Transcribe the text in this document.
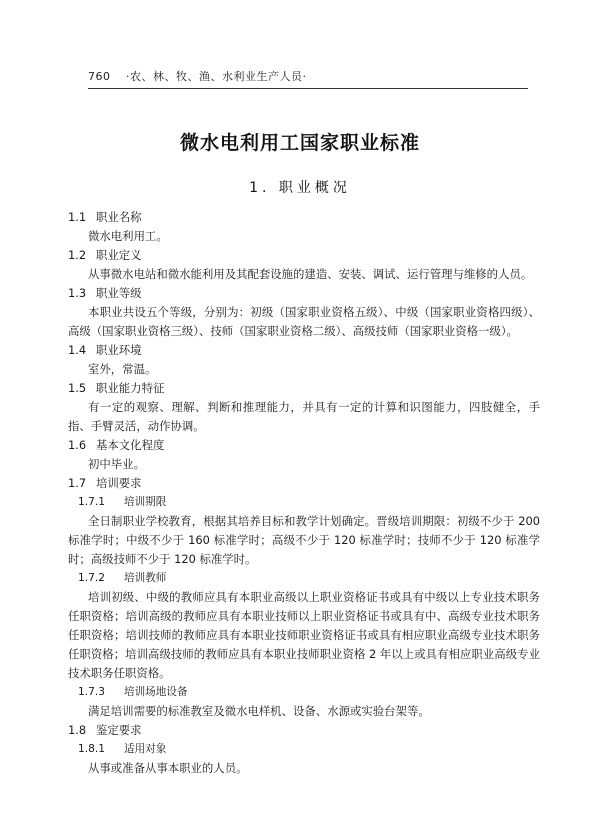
760 ·农、林、牧、渔、水利业生产人员·
微水电利用工国家职业标准
1. 职业概况
1.1 职业名称
微水电利用工。
1.2 职业定义
从事微水电站和微水能利用及其配套设施的建造、安装、调试、运行管理与维修的人员。
1.3 职业等级
本职业共设五个等级，分别为：初级（国家职业资格五级）、中级（国家职业资格四级）、高级（国家职业资格三级）、技师（国家职业资格二级）、高级技师（国家职业资格一级）。
1.4 职业环境
室外，常温。
1.5 职业能力特征
有一定的观察、理解、判断和推理能力，并具有一定的计算和识图能力，四肢健全，手指、手臂灵活，动作协调。
1.6 基本文化程度
初中毕业。
1.7 培训要求
1.7.1 培训期限
全日制职业学校教育，根据其培养目标和教学计划确定。晋级培训期限：初级不少于 200 标准学时；中级不少于 160 标准学时；高级不少于 120 标准学时；技师不少于 120 标准学时；高级技师不少于 120 标准学时。
1.7.2 培训教师
培训初级、中级的教师应具有本职业高级以上职业资格证书或具有中级以上专业技术职务任职资格；培训高级的教师应具有本职业技师以上职业资格证书或具有中、高级专业技术职务任职资格；培训技师的教师应具有本职业技师职业资格证书或具有相应职业高级专业技术职务任职资格；培训高级技师的教师应具有本职业技师职业资格 2 年以上或具有相应职业高级专业技术职务任职资格。
1.7.3 培训场地设备
满足培训需要的标准教室及微水电样机、设备、水源或实验台架等。
1.8 鉴定要求
1.8.1 适用对象
从事或准备从事本职业的人员。
